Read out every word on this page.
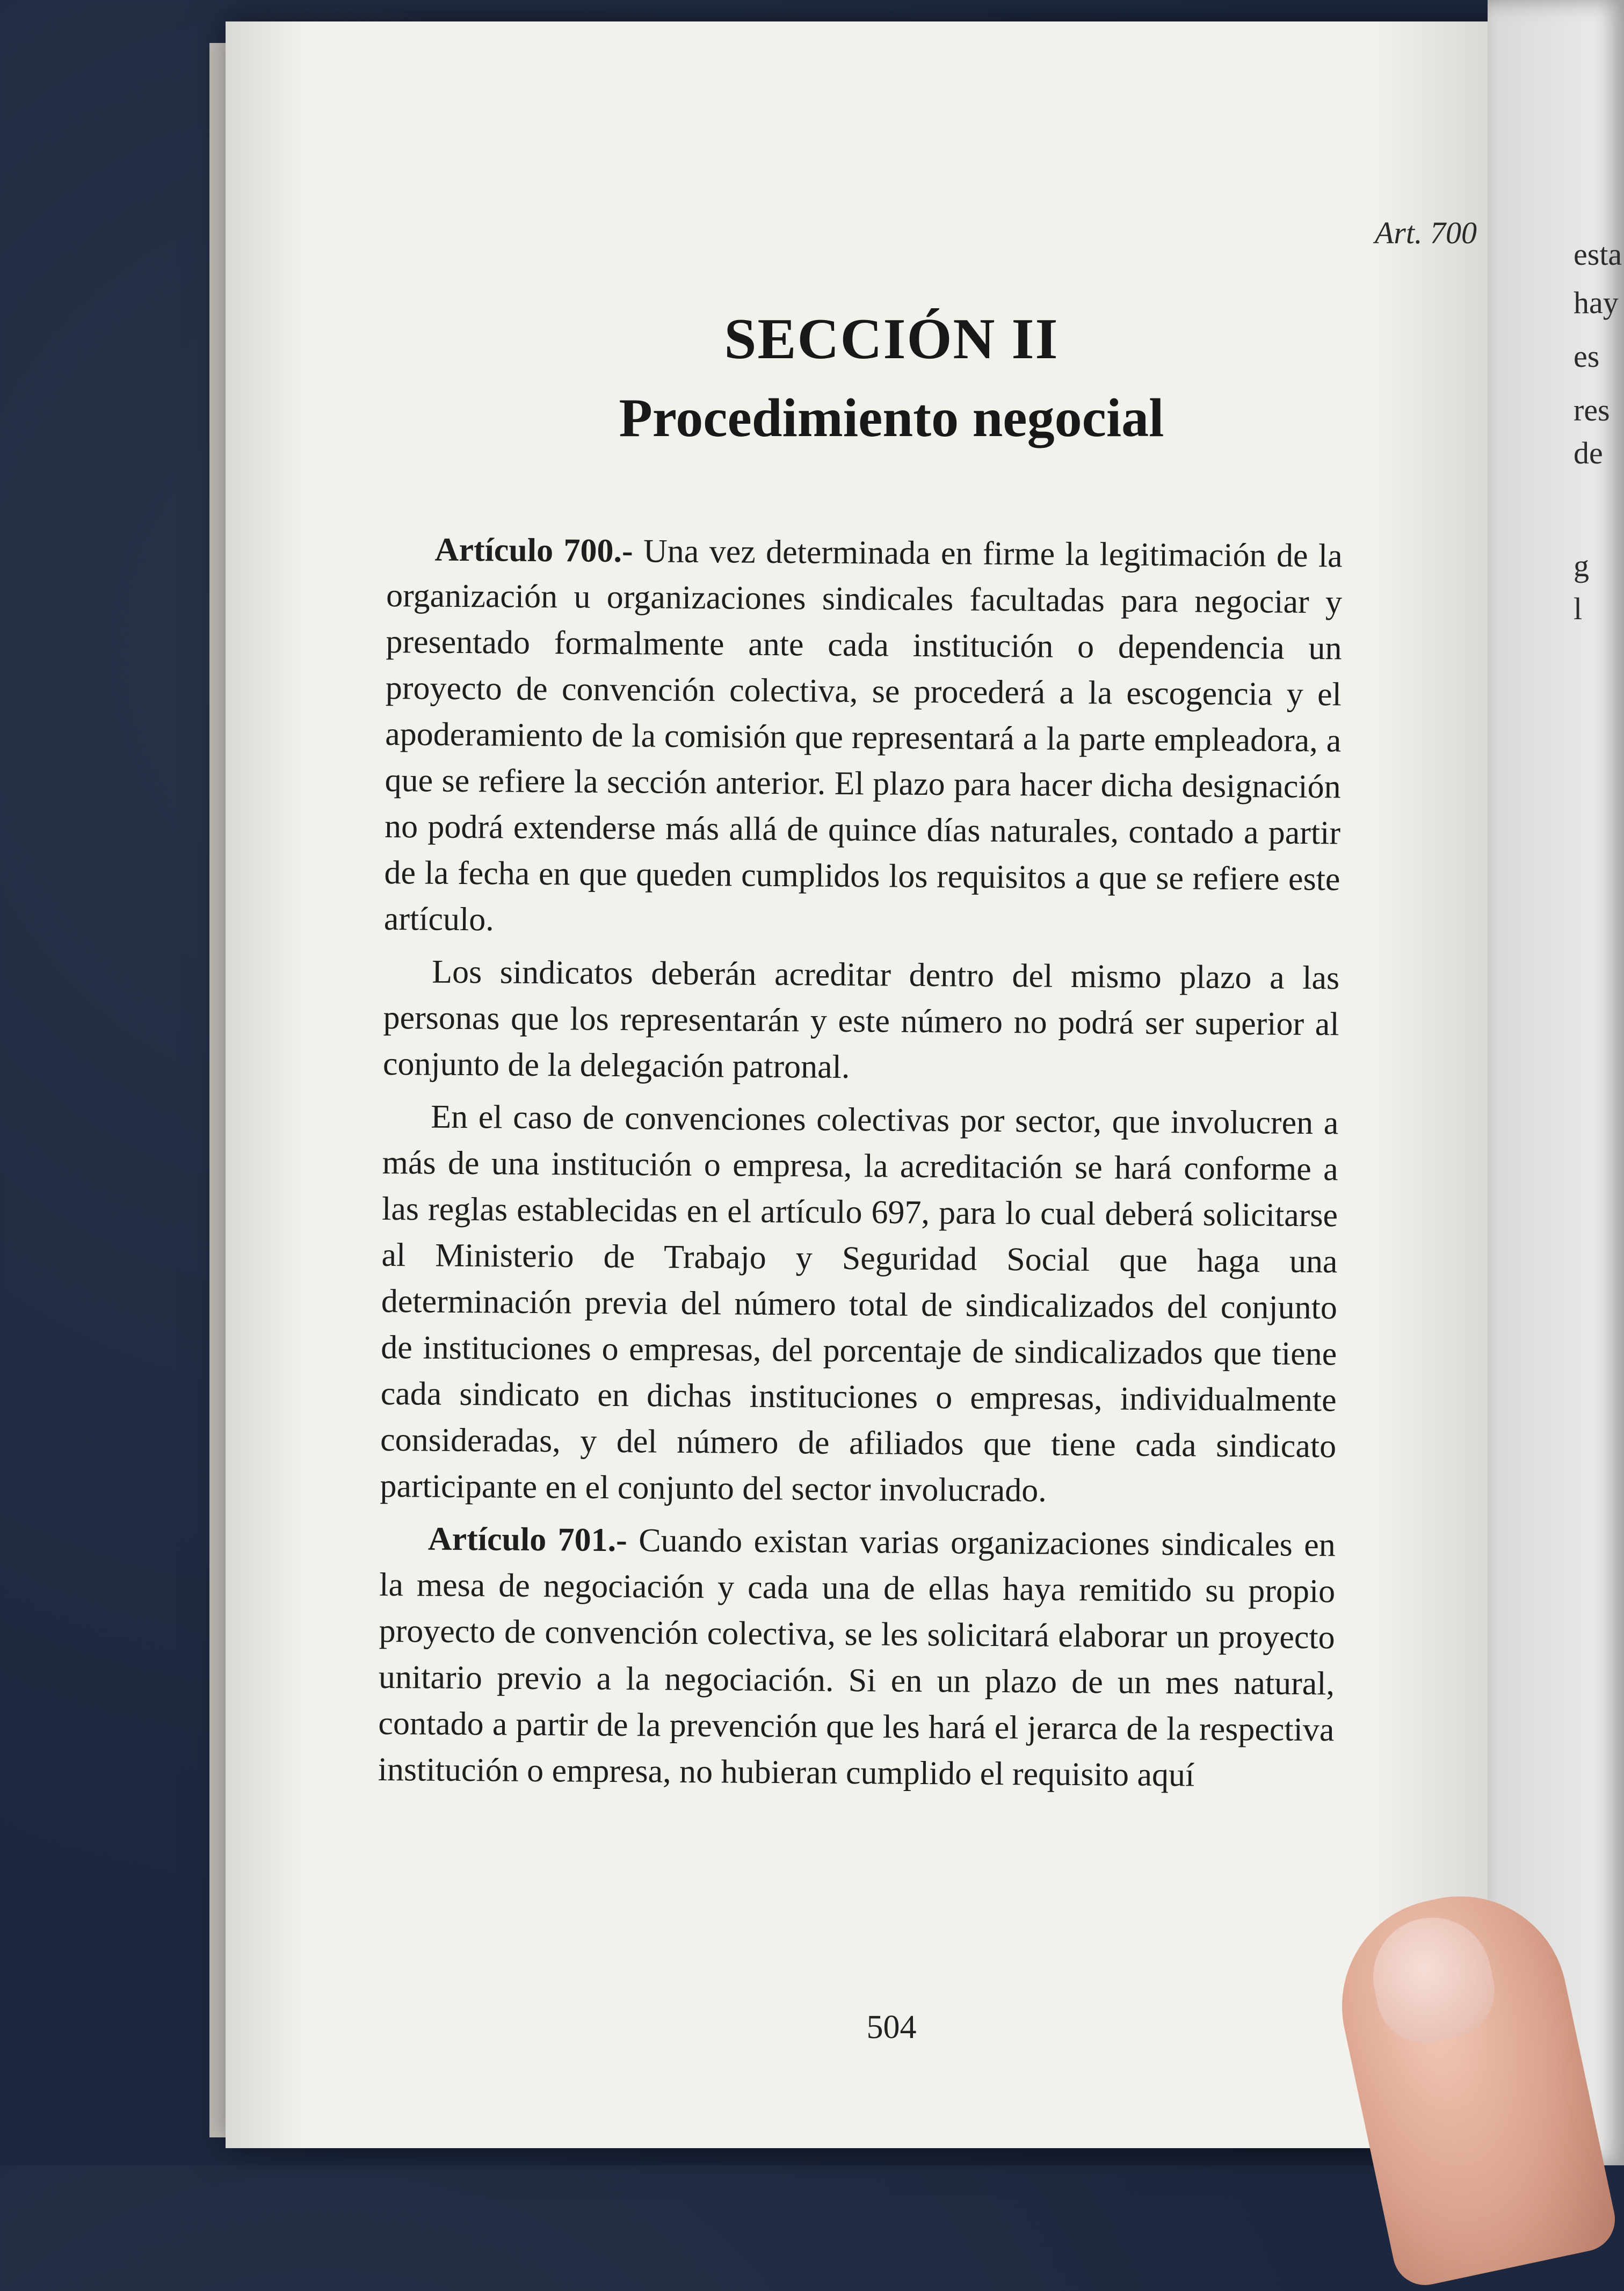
Art. 700
SECCIÓN II
Procedimiento negocial

Artículo 700.- Una vez determinada en firme la legitimación de la organización u organizaciones sindicales facultadas para negociar y presentado formalmente ante cada institución o dependencia un proyecto de convención colectiva, se procederá a la escogencia y el apoderamiento de la comisión que representará a la parte empleadora, a que se refiere la sección anterior. El plazo para hacer dicha designación no podrá extenderse más allá de quince días naturales, contado a partir de la fecha en que queden cumplidos los requisitos a que se refiere este artículo.

Los sindicatos deberán acreditar dentro del mismo plazo a las personas que los representarán y este número no podrá ser superior al conjunto de la delegación patronal.

En el caso de convenciones colectivas por sector, que involucren a más de una institución o empresa, la acreditación se hará conforme a las reglas establecidas en el artículo 697, para lo cual deberá solicitarse al Ministerio de Trabajo y Seguridad Social que haga una determinación previa del número total de sindicalizados del conjunto de instituciones o empresas, del porcentaje de sindicalizados que tiene cada sindicato en dichas instituciones o empresas, individualmente consideradas, y del número de afiliados que tiene cada sindicato participante en el conjunto del sector involucrado.

Artículo 701.- Cuando existan varias organizaciones sindicales en la mesa de negociación y cada una de ellas haya remitido su propio proyecto de convención colectiva, se les solicitará elaborar un proyecto unitario previo a la negociación. Si en un plazo de un mes natural, contado a partir de la prevención que les hará el jerarca de la respectiva institución o empresa, no hubieran cumplido el requisito aquí

504
esta
hay
es
res
de
g
l
